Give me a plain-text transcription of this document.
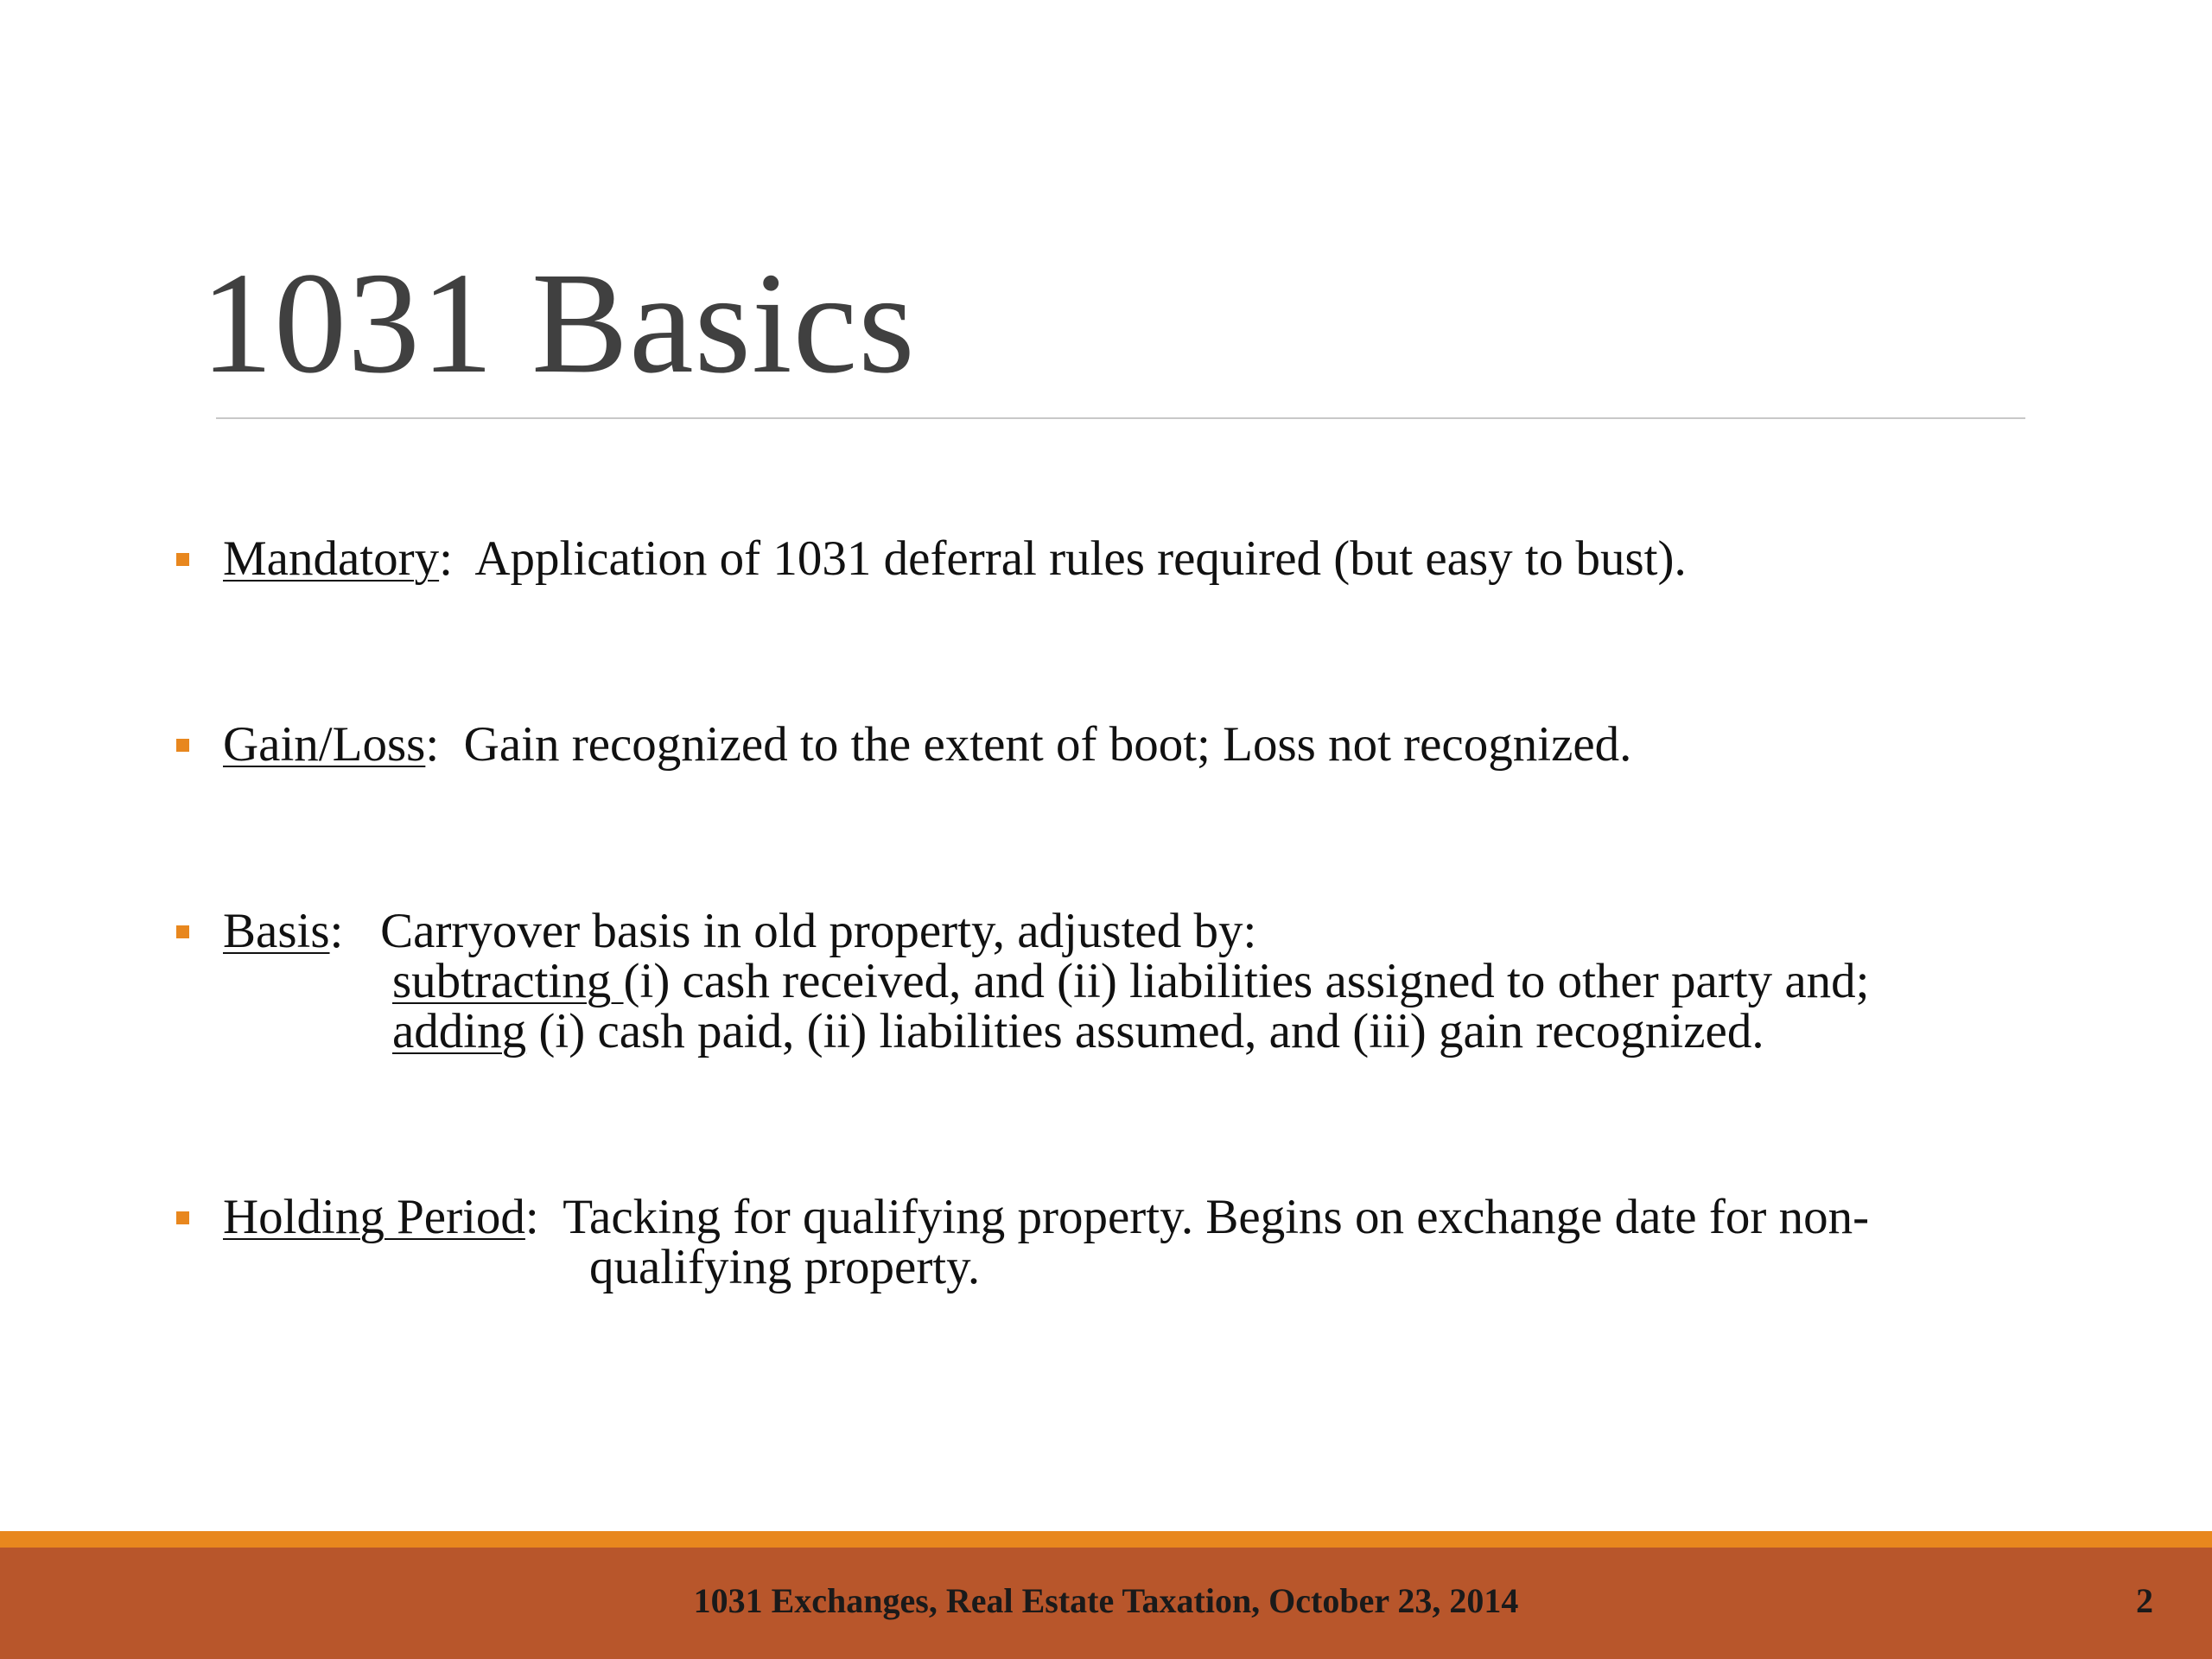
1031 Basics
Mandatory:  Application of 1031 deferral rules required (but easy to bust).
Gain/Loss:  Gain recognized to the extent of boot; Loss not recognized.
Basis:   Carryover basis in old property, adjusted by:
subtracting (i) cash received, and (ii) liabilities assigned to other party and;
adding (i) cash paid, (ii) liabilities assumed, and (iii) gain recognized.
Holding Period:  Tacking for qualifying property. Begins on exchange date for non-
qualifying property.
1031 Exchanges, Real Estate Taxation, October 23, 2014	2
